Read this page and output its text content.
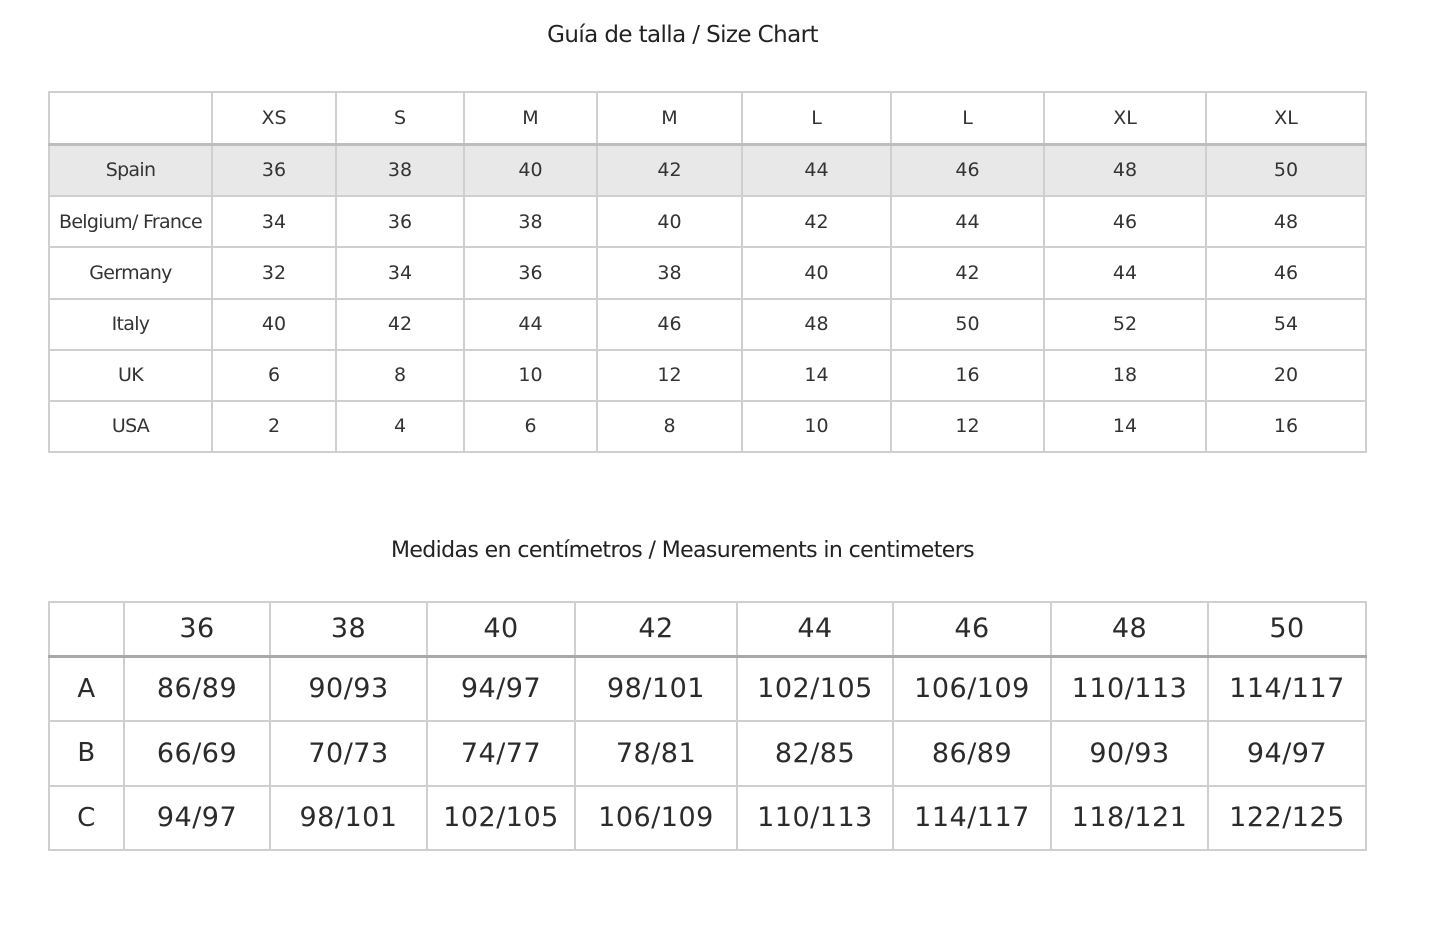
Guía de talla / Size Chart
	XS	S	M	M	L	L	XL	XL
Spain	36	38	40	42	44	46	48	50
Belgium/ France	34	36	38	40	42	44	46	48
Germany	32	34	36	38	40	42	44	46
Italy	40	42	44	46	48	50	52	54
UK	6	8	10	12	14	16	18	20
USA	2	4	6	8	10	12	14	16
Medidas en centímetros / Measurements in centimeters
	36	38	40	42	44	46	48	50
A	86/89	90/93	94/97	98/101	102/105	106/109	110/113	114/117
B	66/69	70/73	74/77	78/81	82/85	86/89	90/93	94/97
C	94/97	98/101	102/105	106/109	110/113	114/117	118/121	122/125
